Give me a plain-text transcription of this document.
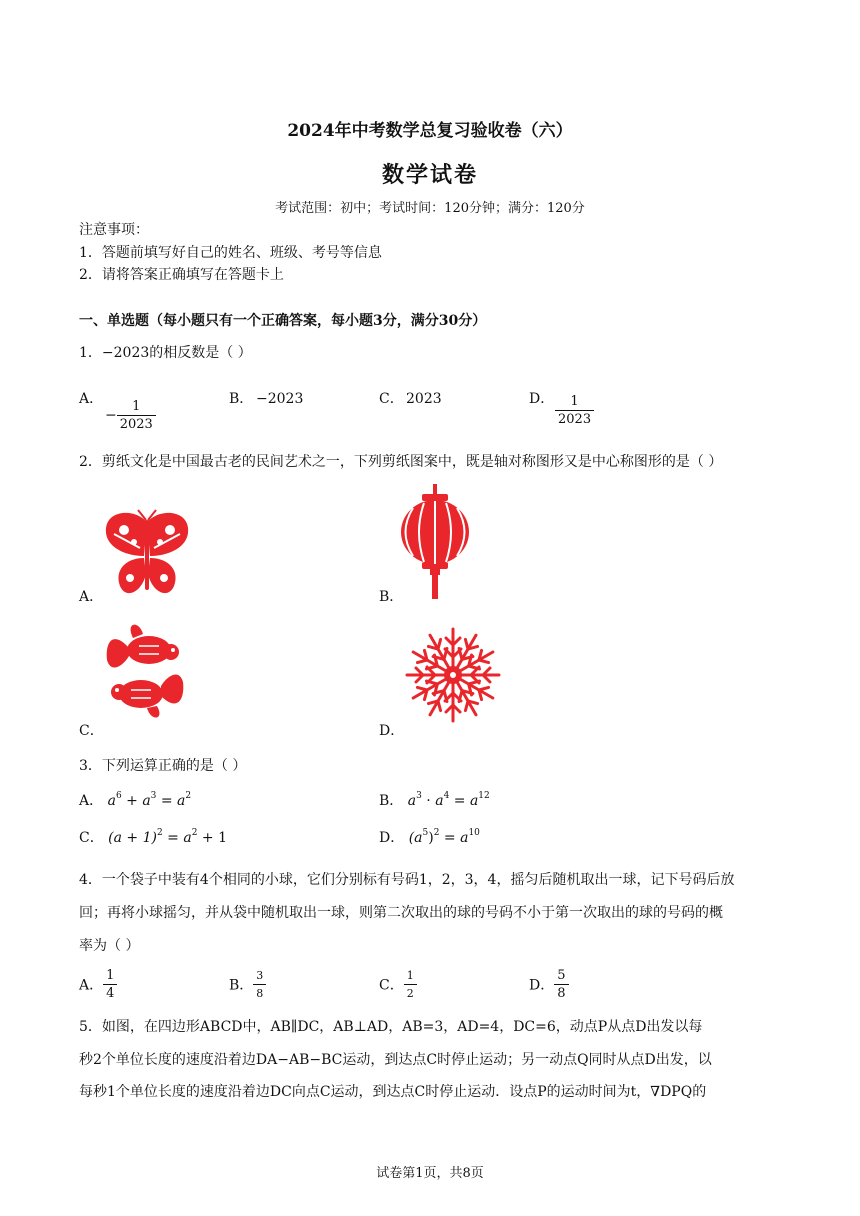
2024年中考数学总复习验收卷（六）
数学试卷
考试范围：初中；考试时间：120分钟；满分：120分
注意事项：
1．答题前填写好自己的姓名、班级、考号等信息
2．请将答案正确填写在答题卡上
一、单选题（每小题只有一个正确答案，每小题3分，满分30分）
1．−2023的相反数是（ ）
A．
− $\frac{1}{2023}$	B． −2023	C． 2023	D． $\frac{1}{2023}$
2．剪纸文化是中国最古老的民间艺术之一，下列剪纸图案中，既是轴对称图形又是中心称图形的是（ ）
A．	B．
C．	D．
3．下列运算正确的是（ ）
A． $a^6 + a^3 = a^2$	B． $a^3 \cdot a^4 = a^{12}$
C． $(a + 1)^2 = a^2 + 1$	D． $(a^5)^2 = a^{10}$
4．一个袋子中装有4个相同的小球，它们分别标有号码1，2，3，4，摇匀后随机取出一球，记下号码后放
回；再将小球摇匀，并从袋中随机取出一球，则第二次取出的球的号码不小于第一次取出的球的号码的概
率为（ ）
A． $\frac{1}{4}$	B． $\frac{3}{8}$	C． $\frac{1}{2}$	D． $\frac{5}{8}$
5．如图，在四边形ABCD中，AB∥DC，AB⊥AD，AB=3，AD=4，DC=6，动点P从点D出发以每
秒2个单位长度的速度沿着边DA−AB−BC运动，到达点C时停止运动；另一动点Q同时从点D出发，以
每秒1个单位长度的速度沿着边DC向点C运动，到达点C时停止运动．设点P的运动时间为t，∇DPQ的
试卷第1页，共8页
